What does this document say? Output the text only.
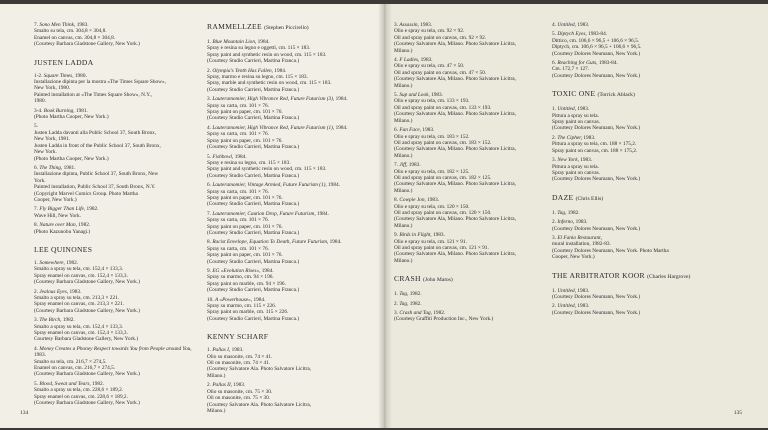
7. Sono Men Think, 1983.
Smalto su tela, cm. 304,8 × 304,8.
Enamel on canvas, cm. 304,8 × 304,8.
(Courtesy Barbara Gladstone Gallery, New York.)
JUSTEN LADDA
1-2. Square Times, 1980.
Installazione dipinta per la mostra «The Times Square Show»,
New York, 1980.
Painted installation at «The Times Square Show», N.Y.,
1980.
3-4. Book Burning, 1981.
(Photo Martha Cooper, New York.)
5.
Justen Ladda davanti alla Public School 37, South Bronx,
New York, 1981.
Justen Ladda in front of the Public School 37, South Bronx,
New York.
(Photo Martha Cooper, New York.)
6. The Thing, 1981.
Installazione dipinta, Public School 37, South Bronx, New
York.
Painted installation, Public School 37, South Bronx, N.Y.
(Copyright Marvel Comics Group. Photo Martha
Cooper, New York.)
7. Fly Bigger Than Life, 1982.
Wave Hill, New York.
8. Nature over Man, 1982.
(Photo Kazunobu Yanagi.)
LEE QUINONES
1. Somewhere, 1982.
Smalto a spray su tela, cm. 152,4 × 133,3.
Spray enamel on canvas, cm. 152,4 × 133,3.
(Courtesy Barbara Gladstone Gallery, New York.)
2. Jealous Eyes, 1983.
Smalto a spray su tela, cm. 213,3 × 221.
Spray enamel on canvas, cm. 213,3 × 221.
(Courtesy Barbara Gladstone Gallery, New York.)
3. The Birch, 1982.
Smalto a spray su tela, cm. 152,4 × 133,3.
Spray enamel on canvas, cm. 152,4 × 133,3.
Courtesy Barbara Gladstone Gallery, New York.)
4. Money Creates a Phoney Respect towards You from People around You, 1983.
Smalto su tela, cm. 216,7 × 274,5.
Enamel on canvas, cm. 216,7 × 274,5.
(Courtesy Barbara Gladstone Gallery, New York.)
5. Blood, Sweat and Tears, 1982.
Smalto a spray su tela, cm. 228,6 × 189,2.
Spray enamel on canvas, cm. 228,6 × 189,2.
(Courtesy Barbara Gladstone Gallery, New York.)
RAMMELLZEE (Stephen Piccirello)
1. Blue Mountain Lion, 1984.
Spray e resina su legno e oggetti, cm. 115 × 183.
Spray paint and synthetic resin on wood, cm. 115 × 183.
(Courtesy Studio Carrieri, Martina Franca.)
2. Olympia's Tenth Has Fallen, 1984.
Spray, marmo e resina su legno, cm. 115 × 183.
Spray, marble and synthetic resin on wood, cm. 115 × 183.
(Courtesy Studio Carrieri, Martina Franca.)
3. Lauteramomier, High Vibrance Red, Future Futurism (3), 1984.
Spray su carta, cm. 101 × 76.
Spray paint on paper, cm. 101 × 76.
(Courtesy Studio Carrieri, Martina Franca.)
4. Lauteramomier, High Vibrance Red, Future Futurism (1), 1984.
Spray su carta, cm. 101 × 76.
Spray paint on paper, cm. 101 × 76.
(Courtesy Studio Carrieri, Martina Franca.)
5. Fishbowl, 1984.
Spray e resina su legno, cm. 115 × 183.
Spray paint and synthetic resin on wood, cm. 115 × 183.
(Courtesy Studio Carrieri, Martina Franca.)
6. Lauteramomier, Vintage Armied, Future Futurism (1), 1984.
Spray su carta, cm. 101 × 76.
Spray paint on paper, cm. 101 × 76.
(Courtesy Studio Carrieri, Martina Franca.)
7. Lauteramomier, Caution Drop, Future Futurism, 1984.
Spray su carta, cm. 101 × 76.
Spray paint on paper, cm. 101 × 76.
(Courtesy Studio Carrieri, Martina Franca.)
8. Racist Envelope, Equation To Death, Future Futurism, 1984.
Spray su carta, cm. 101 × 76.
Spray paint on paper, cm. 101 × 76.
(Courtesy Studio Carrieri, Martina Franca.)
9. EG «Evolution Rises», 1984.
Spray su marmo, cm. 94 × 196.
Spray paint on marble, cm. 94 × 196.
(Courtesy Studio Carrieri, Martina Franca.)
10. A «Powerhouse», 1984.
Spray su marmo, cm. 115 × 226.
Spray paint on marble, cm. 115 × 226.
(Courtesy Studio Carrieri, Martina Franca.)
KENNY SCHARF
1. Pallas I, 1983.
Olio su masonite, cm. 74 × 41.
Oil on masonite, cm. 74 × 41.
(Courtesy Salvatore Ala. Photo Salvatore Licitra,
Milano.)
2. Pallas II, 1983.
Olio su masonite, cm. 75 × 30.
Oil on masonite, cm. 75 × 30.
(Courtesy Salvatore Ala. Photo Salvatore Licitra,
Milano.)
3. Assassin, 1983.
Olio e spray su tela, cm. 92 × 92.
Oil and spray paint on canvas, cm. 92 × 92.
(Courtesy Salvatore Ala, Milano. Photo Salvatore Licitra,
Milano.)
4. F Ladies, 1983.
Olio e spray su tela, cm. 47 × 50.
Oil and spray paint on canvas, cm. 47 × 50.
(Courtesy Salvatore Ala, Milano. Photo Salvatore Licitra,
Milano.)
5. Sup and Look, 1983.
Olio e spray su tela, cm. 133 × 193.
Oil and spray paint on canvas, cm. 133 × 193.
(Courtesy Salvatore Ala, Milano. Photo Salvatore Licitra,
Milano.)
6. Fun Face, 1983.
Olio e spray su tela, cm. 183 × 152.
Oil and spray paint on canvas, cm. 183 × 152.
(Courtesy Salvatore Ala, Milano. Photo Salvatore Licitra,
Milano.)
7. Jiff, 1983.
Olio e spray su tela, cm. 182 × 125.
Oil and spray paint on canvas, cm. 182 × 125.
(Courtesy Salvatore Ala, Milano. Photo Salvatore Licitra,
Milano.)
8. Cowpie Jon, 1983.
Olio e spray su tela, cm. 120 × 150.
Oil and spray paint on canvas, cm. 120 × 150.
(Courtesy Salvatore Ala, Milano. Photo Salvatore Licitra,
Milano.)
9. Birds in Flight, 1983.
Olio e spray su tela, cm. 121 × 91.
Oil and spray paint on canvas, cm. 121 × 91.
(Courtesy Salvatore Ala, Milano. Photo Salvatore Licitra,
Milano.)
CRASH (John Matos)
1. Tag, 1982.
2. Tag, 1982.
3. Crash and Tag, 1982.
(Courtesy Graffiti Production Inc., New York.)
4. Untitled, 1983.
5. Diptych Eyes, 1983-84.
Dittico, cm. 106,6 × 96,5 + 106,6 × 96,5.
Diptych, cm. 106,6 × 96,5 + 106,6 × 96,5.
(Courtesy Dolores Neumann, New York.)
6. Reaching for Guts, 1983-84.
Cm. 172,7 × 127.
(Courtesy Dolores Neumann, New York.)
TOXIC ONE (Torrick Ablack)
1. Untitled, 1983.
Pittura a spray su tela.
Spray paint on canvas.
(Courtesy Dolores Neumann, New York.)
2. The Cipher, 1983.
Pittura a spray su tela, cm. 188 × 175,2.
Spray paint on canvas, cm. 188 × 175,2.
3. New York, 1983.
Pittura a spray su tela.
Spray paint on canvas.
(Courtesy Dolores Neumann, New York.)
DAZE (Chris Ellis)
1. Tag, 1982.
2. Inferno, 1983.
(Courtesy Dolores Neumann, New York.)
3. El Fanio Restaurant,
mural installation, 1982-83.
(Courtesy Dolores Neumann, New York. Photo Martha
Cooper, New York.)
THE ARBITRATOR KOOR (Charles Hargrove)
1. Untitled, 1983.
(Courtesy Dolores Neumann, New York.)
2. Untitled, 1983.
(Courtesy Dolores Neumann, New York.)
134	135
